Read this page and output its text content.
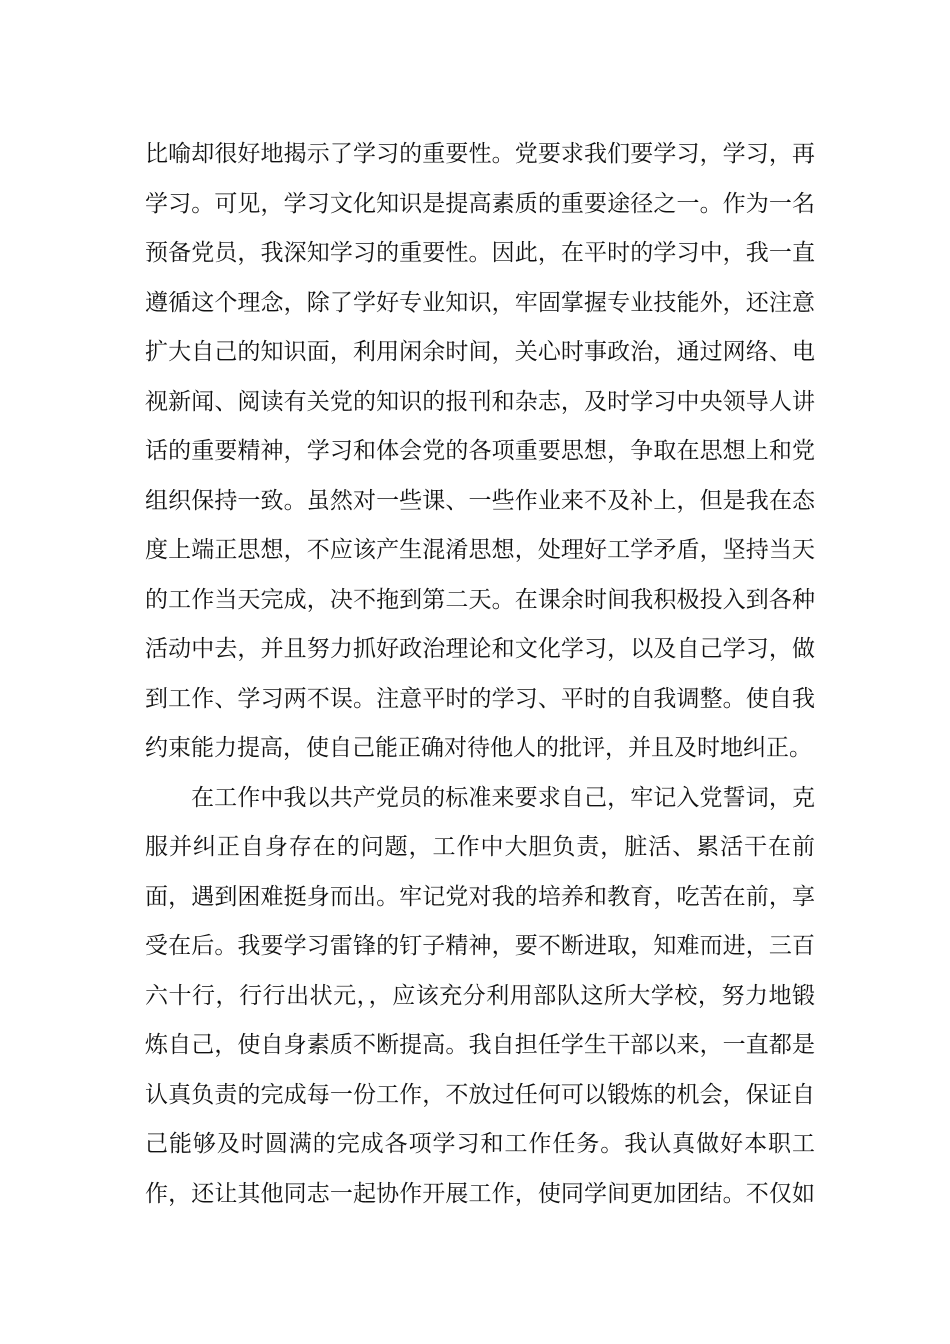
比喻却很好地揭示了学习的重要性。党要求我们要学习，学习，再
学习。可见，学习文化知识是提高素质的重要途径之一。作为一名
预备党员，我深知学习的重要性。因此，在平时的学习中，我一直
遵循这个理念，除了学好专业知识，牢固掌握专业技能外，还注意
扩大自己的知识面，利用闲余时间，关心时事政治，通过网络、电
视新闻、阅读有关党的知识的报刊和杂志，及时学习中央领导人讲
话的重要精神，学习和体会党的各项重要思想，争取在思想上和党
组织保持一致。虽然对一些课、一些作业来不及补上，但是我在态
度上端正思想，不应该产生混淆思想，处理好工学矛盾，坚持当天
的工作当天完成，决不拖到第二天。在课余时间我积极投入到各种
活动中去，并且努力抓好政治理论和文化学习，以及自己学习，做
到工作、学习两不误。注意平时的学习、平时的自我调整。使自我
约束能力提高，使自己能正确对待他人的批评，并且及时地纠正。
在工作中我以共产党员的标准来要求自己，牢记入党誓词，克
服并纠正自身存在的问题，工作中大胆负责，脏活、累活干在前
面，遇到困难挺身而出。牢记党对我的培养和教育，吃苦在前，享
受在后。我要学习雷锋的钉子精神，要不断进取，知难而进，三百
六十行，行行出状元，，应该充分利用部队这所大学校，努力地锻
炼自己，使自身素质不断提高。我自担任学生干部以来，一直都是
认真负责的完成每一份工作，不放过任何可以锻炼的机会，保证自
己能够及时圆满的完成各项学习和工作任务。我认真做好本职工
作，还让其他同志一起协作开展工作，使同学间更加团结。不仅如
